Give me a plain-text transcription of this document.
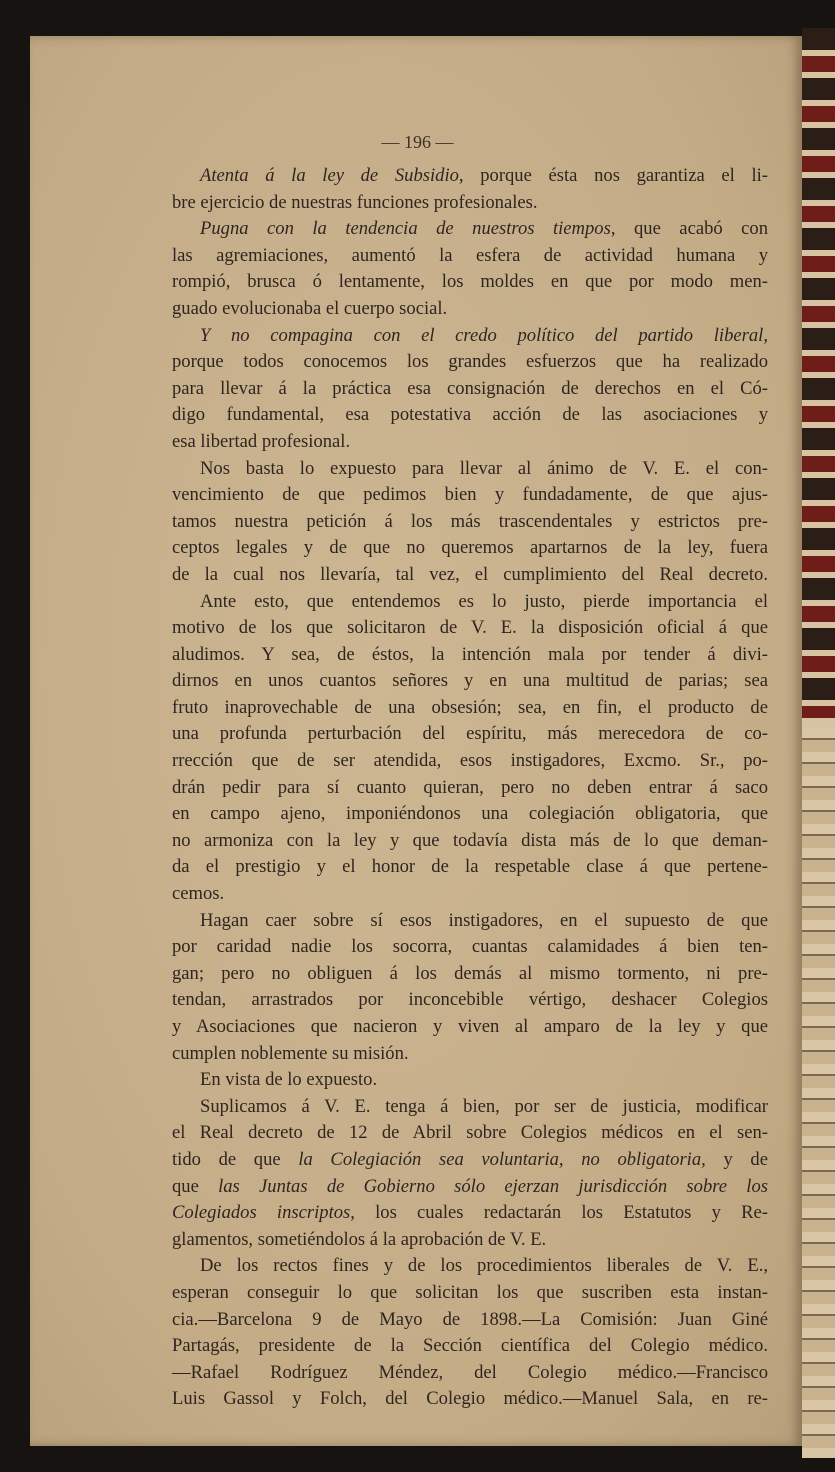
— 196 —
Atenta á la ley de Subsidio, porque ésta nos garantiza el li-
bre ejercicio de nuestras funciones profesionales.
Pugna con la tendencia de nuestros tiempos, que acabó con
las agremiaciones, aumentó la esfera de actividad humana y
rompió, brusca ó lentamente, los moldes en que por modo men-
guado evolucionaba el cuerpo social.
Y no compagina con el credo político del partido liberal,
porque todos conocemos los grandes esfuerzos que ha realizado
para llevar á la práctica esa consignación de derechos en el Có-
digo fundamental, esa potestativa acción de las asociaciones y
esa libertad profesional.
Nos basta lo expuesto para llevar al ánimo de V. E. el con-
vencimiento de que pedimos bien y fundadamente, de que ajus-
tamos nuestra petición á los más trascendentales y estrictos pre-
ceptos legales y de que no queremos apartarnos de la ley, fuera
de la cual nos llevaría, tal vez, el cumplimiento del Real decreto.
Ante esto, que entendemos es lo justo, pierde importancia el
motivo de los que solicitaron de V. E. la disposición oficial á que
aludimos. Y sea, de éstos, la intención mala por tender á divi-
dirnos en unos cuantos señores y en una multitud de parias; sea
fruto inaprovechable de una obsesión; sea, en fin, el producto de
una profunda perturbación del espíritu, más merecedora de co-
rrección que de ser atendida, esos instigadores, Excmo. Sr., po-
drán pedir para sí cuanto quieran, pero no deben entrar á saco
en campo ajeno, imponiéndonos una colegiación obligatoria, que
no armoniza con la ley y que todavía dista más de lo que deman-
da el prestigio y el honor de la respetable clase á que pertene-
cemos.
Hagan caer sobre sí esos instigadores, en el supuesto de que
por caridad nadie los socorra, cuantas calamidades á bien ten-
gan; pero no obliguen á los demás al mismo tormento, ni pre-
tendan, arrastrados por inconcebible vértigo, deshacer Colegios
y Asociaciones que nacieron y viven al amparo de la ley y que
cumplen noblemente su misión.
En vista de lo expuesto.
Suplicamos á V. E. tenga á bien, por ser de justicia, modificar
el Real decreto de 12 de Abril sobre Colegios médicos en el sen-
tido de que la Colegiación sea voluntaria, no obligatoria, y de
que las Juntas de Gobierno sólo ejerzan jurisdicción sobre los
Colegiados inscriptos, los cuales redactarán los Estatutos y Re-
glamentos, sometiéndolos á la aprobación de V. E.
De los rectos fines y de los procedimientos liberales de V. E.,
esperan conseguir lo que solicitan los que suscriben esta instan-
cia.—Barcelona 9 de Mayo de 1898.—La Comisión: Juan Giné
Partagás, presidente de la Sección científica del Colegio médico.
—Rafael Rodríguez Méndez, del Colegio médico.—Francisco
Luis Gassol y Folch, del Colegio médico.—Manuel Sala, en re-
